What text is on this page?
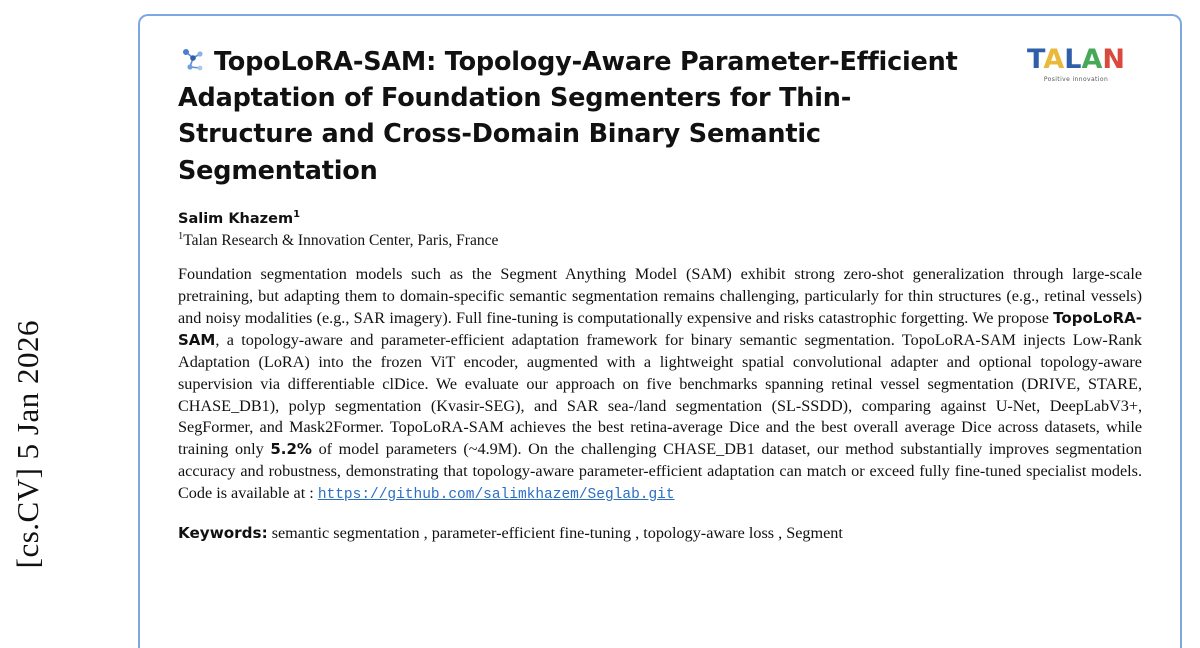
[cs.CV] 5 Jan 2026
TALAN
Positive innovation
TopoLoRA-SAM: Topology-Aware Parameter-Efficient Adaptation of Foundation Segmenters for Thin-Structure and Cross-Domain Binary Semantic Segmentation
Salim Khazem$^1$
$^1$Talan Research & Innovation Center, Paris, France
Foundation segmentation models such as the Segment Anything Model (SAM) exhibit strong zero-shot generalization through large-scale pretraining, but adapting them to domain-specific semantic segmentation remains challenging, particularly for thin structures (e.g., retinal vessels) and noisy modalities (e.g., SAR imagery). Full fine-tuning is computationally expensive and risks catastrophic forgetting. We propose TopoLoRA-SAM, a topology-aware and parameter-efficient adaptation framework for binary semantic segmentation. TopoLoRA-SAM injects Low-Rank Adaptation (LoRA) into the frozen ViT encoder, augmented with a lightweight spatial convolutional adapter and optional topology-aware supervision via differentiable clDice. We evaluate our approach on five benchmarks spanning retinal vessel segmentation (DRIVE, STARE, CHASE_DB1), polyp segmentation (Kvasir-SEG), and SAR sea-/land segmentation (SL-SSDD), comparing against U-Net, DeepLabV3+, SegFormer, and Mask2Former. TopoLoRA-SAM achieves the best retina-average Dice and the best overall average Dice across datasets, while training only 5.2% of model parameters (~4.9M). On the challenging CHASE_DB1 dataset, our method substantially improves segmentation accuracy and robustness, demonstrating that topology-aware parameter-efficient adaptation can match or exceed fully fine-tuned specialist models. Code is available at : https://github.com/salimkhazem/Seglab.git
Keywords: semantic segmentation , parameter-efficient fine-tuning , topology-aware loss , Segment
